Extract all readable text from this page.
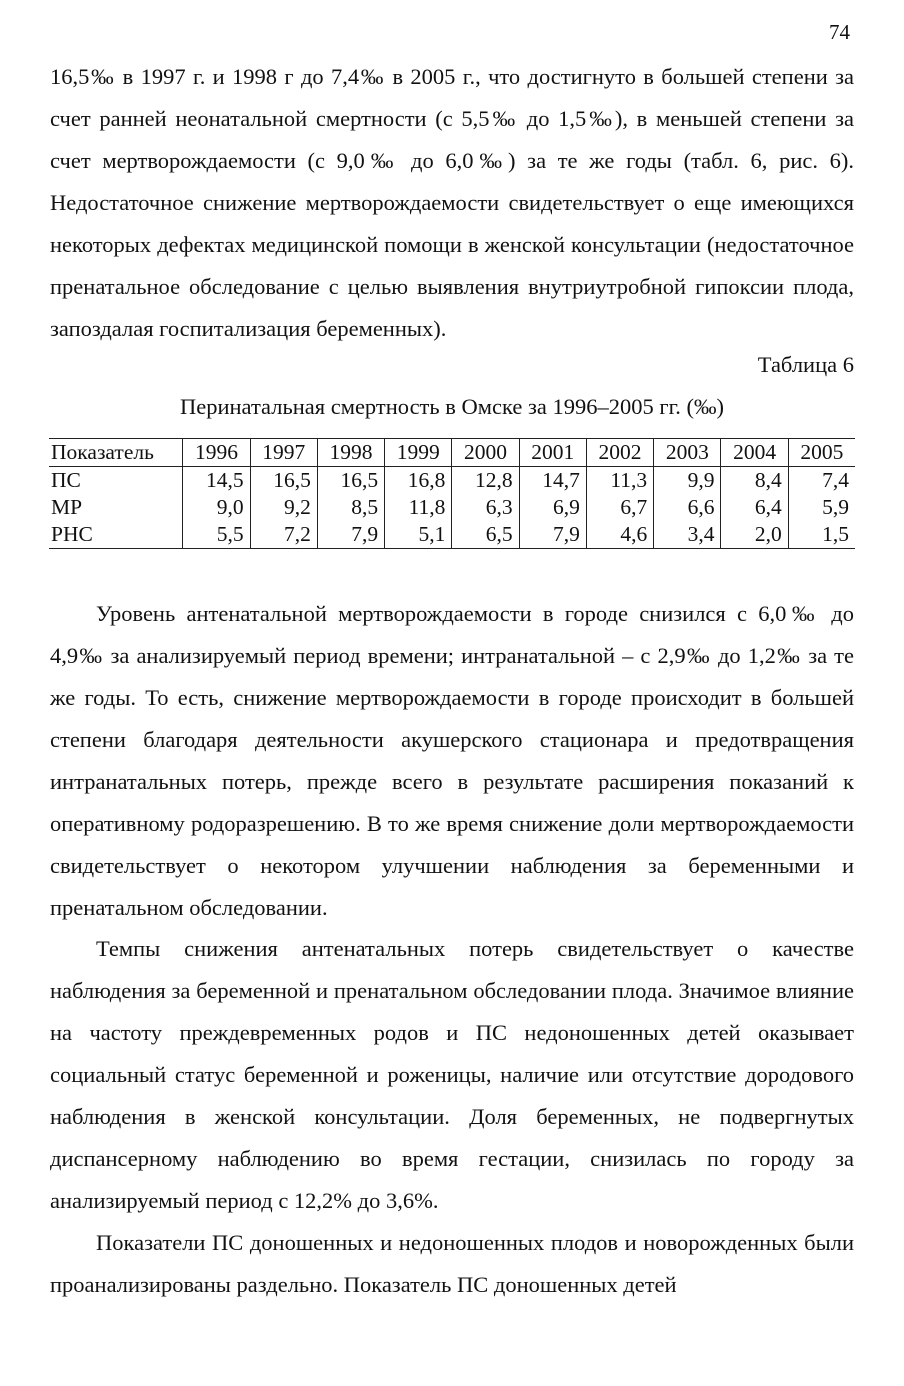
74

16,5‰ в 1997 г. и 1998 г до 7,4‰ в 2005 г., что достигнуто в большей степени за счет ранней неонатальной смертности (с 5,5‰ до 1,5‰), в меньшей степени за счет мертворождаемости (с 9,0‰ до 6,0‰) за те же годы (табл. 6, рис. 6). Недостаточное снижение мертворождаемости свидетельствует о еще имеющихся некоторых дефектах медицинской помощи в женской консультации (недостаточное пренатальное обследование с целью выявления внутриутробной гипоксии плода, запоздалая госпитализация беременных).

Таблица 6
Перинатальная смертность в Омске за 1996–2005 гг. (‰)
Показатель	1996	1997	1998	1999	2000	2001	2002	2003	2004	2005
ПС	14,5	16,5	16,5	16,8	12,8	14,7	11,3	9,9	8,4	7,4
МР	9,0	9,2	8,5	11,8	6,3	6,9	6,7	6,6	6,4	5,9
РНС	5,5	7,2	7,9	5,1	6,5	7,9	4,6	3,4	2,0	1,5

Уровень антенатальной мертворождаемости в городе снизился с 6,0‰ до 4,9‰ за анализируемый период времени; интранатальной – с 2,9‰ до 1,2‰ за те же годы. То есть, снижение мертворождаемости в городе происходит в большей степени благодаря деятельности акушерского стационара и предотвращения интранатальных потерь, прежде всего в результате расширения показаний к оперативному родоразрешению. В то же время снижение доли мертворождаемости свидетельствует о некотором улучшении наблюдения за беременными и пренатальном обследовании.

Темпы снижения антенатальных потерь свидетельствует о качестве наблюдения за беременной и пренатальном обследовании плода. Значимое влияние на частоту преждевременных родов и ПС недоношенных детей оказывает социальный статус беременной и роженицы, наличие или отсутствие дородового наблюдения в женской консультации. Доля беременных, не подвергнутых диспансерному наблюдению во время гестации, снизилась по городу за анализируемый период с 12,2% до 3,6%.

Показатели ПС доношенных и недоношенных плодов и новорожденных были проанализированы раздельно. Показатель ПС доношенных детей
